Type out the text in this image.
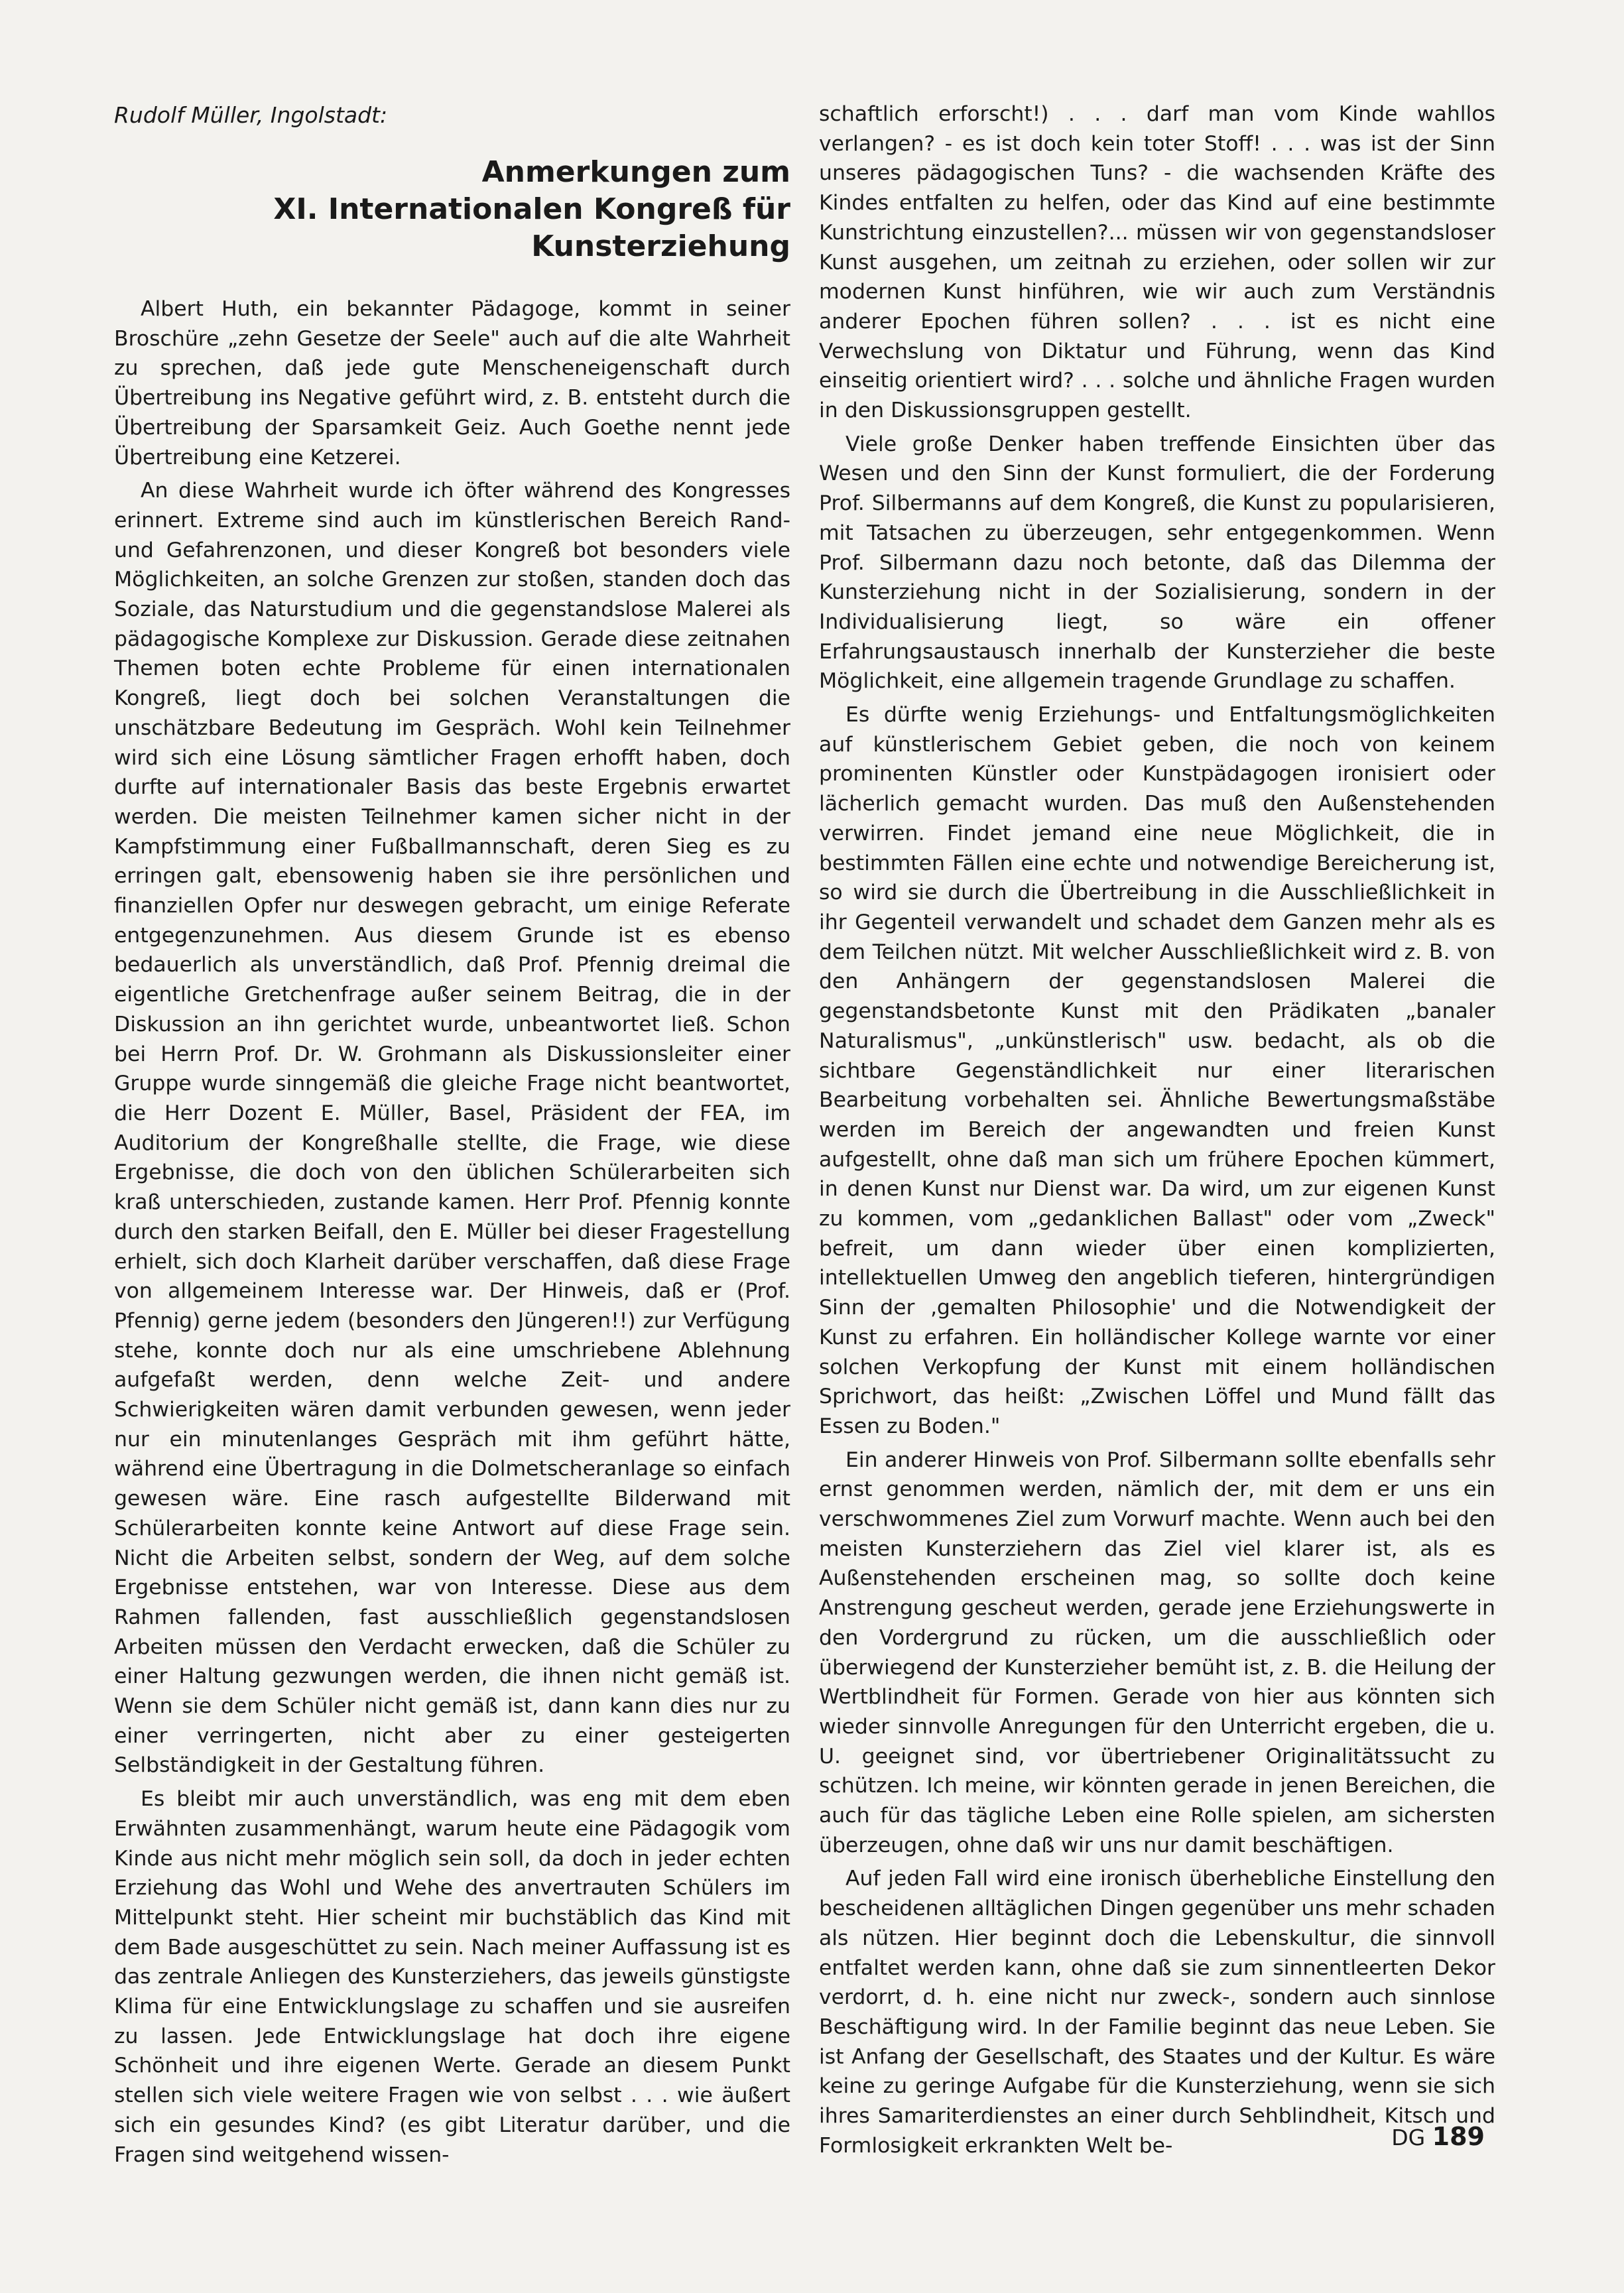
Rudolf Müller, Ingolstadt:

Anmerkungen zum
XI. Internationalen Kongreß für Kunsterziehung

Albert Huth, ein bekannter Pädagoge, kommt in seiner Broschüre „zehn Gesetze der Seele" auch auf die alte Wahrheit zu sprechen, daß jede gute Menscheneigenschaft durch Übertreibung ins Negative geführt wird, z. B. entsteht durch die Übertreibung der Sparsamkeit Geiz. Auch Goethe nennt jede Übertreibung eine Ketzerei.

An diese Wahrheit wurde ich öfter während des Kongresses erinnert. Extreme sind auch im künstlerischen Bereich Rand- und Gefahrenzonen, und dieser Kongreß bot besonders viele Möglichkeiten, an solche Grenzen zur stoßen, standen doch das Soziale, das Naturstudium und die gegenstandslose Malerei als pädagogische Komplexe zur Diskussion. Gerade diese zeitnahen Themen boten echte Probleme für einen internationalen Kongreß, liegt doch bei solchen Veranstaltungen die unschätzbare Bedeutung im Gespräch. Wohl kein Teilnehmer wird sich eine Lösung sämtlicher Fragen erhofft haben, doch durfte auf internationaler Basis das beste Ergebnis erwartet werden. Die meisten Teilnehmer kamen sicher nicht in der Kampfstimmung einer Fußballmannschaft, deren Sieg es zu erringen galt, ebensowenig haben sie ihre persönlichen und finanziellen Opfer nur deswegen gebracht, um einige Referate entgegenzunehmen. Aus diesem Grunde ist es ebenso bedauerlich als unverständlich, daß Prof. Pfennig dreimal die eigentliche Gretchenfrage außer seinem Beitrag, die in der Diskussion an ihn gerichtet wurde, unbeantwortet ließ. Schon bei Herrn Prof. Dr. W. Grohmann als Diskussionsleiter einer Gruppe wurde sinngemäß die gleiche Frage nicht beantwortet, die Herr Dozent E. Müller, Basel, Präsident der FEA, im Auditorium der Kongreßhalle stellte, die Frage, wie diese Ergebnisse, die doch von den üblichen Schülerarbeiten sich kraß unterschieden, zustande kamen. Herr Prof. Pfennig konnte durch den starken Beifall, den E. Müller bei dieser Fragestellung erhielt, sich doch Klarheit darüber verschaffen, daß diese Frage von allgemeinem Interesse war. Der Hinweis, daß er (Prof. Pfennig) gerne jedem (besonders den Jüngeren!!) zur Verfügung stehe, konnte doch nur als eine umschriebene Ablehnung aufgefaßt werden, denn welche Zeit- und andere Schwierigkeiten wären damit verbunden gewesen, wenn jeder nur ein minutenlanges Gespräch mit ihm geführt hätte, während eine Übertragung in die Dolmetscheranlage so einfach gewesen wäre. Eine rasch aufgestellte Bilderwand mit Schülerarbeiten konnte keine Antwort auf diese Frage sein. Nicht die Arbeiten selbst, sondern der Weg, auf dem solche Ergebnisse entstehen, war von Interesse. Diese aus dem Rahmen fallenden, fast ausschließlich gegenstandslosen Arbeiten müssen den Verdacht erwecken, daß die Schüler zu einer Haltung gezwungen werden, die ihnen nicht gemäß ist. Wenn sie dem Schüler nicht gemäß ist, dann kann dies nur zu einer verringerten, nicht aber zu einer gesteigerten Selbständigkeit in der Gestaltung führen.

Es bleibt mir auch unverständlich, was eng mit dem eben Erwähnten zusammenhängt, warum heute eine Pädagogik vom Kinde aus nicht mehr möglich sein soll, da doch in jeder echten Erziehung das Wohl und Wehe des anvertrauten Schülers im Mittelpunkt steht. Hier scheint mir buchstäblich das Kind mit dem Bade ausgeschüttet zu sein. Nach meiner Auffassung ist es das zentrale Anliegen des Kunsterziehers, das jeweils günstigste Klima für eine Entwicklungslage zu schaffen und sie ausreifen zu lassen. Jede Entwicklungslage hat doch ihre eigene Schönheit und ihre eigenen Werte. Gerade an diesem Punkt stellen sich viele weitere Fragen wie von selbst . . . wie äußert sich ein gesundes Kind? (es gibt Literatur darüber, und die Fragen sind weitgehend wissen-

schaftlich erforscht!) . . . darf man vom Kinde wahllos verlangen? - es ist doch kein toter Stoff! . . . was ist der Sinn unseres pädagogischen Tuns? - die wachsenden Kräfte des Kindes entfalten zu helfen, oder das Kind auf eine bestimmte Kunstrichtung einzustellen?... müssen wir von gegenstandsloser Kunst ausgehen, um zeitnah zu erziehen, oder sollen wir zur modernen Kunst hinführen, wie wir auch zum Verständnis anderer Epochen führen sollen? . . . ist es nicht eine Verwechslung von Diktatur und Führung, wenn das Kind einseitig orientiert wird? . . . solche und ähnliche Fragen wurden in den Diskussionsgruppen gestellt.

Viele große Denker haben treffende Einsichten über das Wesen und den Sinn der Kunst formuliert, die der Forderung Prof. Silbermanns auf dem Kongreß, die Kunst zu popularisieren, mit Tatsachen zu überzeugen, sehr entgegenkommen. Wenn Prof. Silbermann dazu noch betonte, daß das Dilemma der Kunsterziehung nicht in der Sozialisierung, sondern in der Individualisierung liegt, so wäre ein offener Erfahrungsaustausch innerhalb der Kunsterzieher die beste Möglichkeit, eine allgemein tragende Grundlage zu schaffen.

Es dürfte wenig Erziehungs- und Entfaltungsmöglichkeiten auf künstlerischem Gebiet geben, die noch von keinem prominenten Künstler oder Kunstpädagogen ironisiert oder lächerlich gemacht wurden. Das muß den Außenstehenden verwirren. Findet jemand eine neue Möglichkeit, die in bestimmten Fällen eine echte und notwendige Bereicherung ist, so wird sie durch die Übertreibung in die Ausschließlichkeit in ihr Gegenteil verwandelt und schadet dem Ganzen mehr als es dem Teilchen nützt. Mit welcher Ausschließlichkeit wird z. B. von den Anhängern der gegenstandslosen Malerei die gegenstandsbetonte Kunst mit den Prädikaten „banaler Naturalismus", „unkünstlerisch" usw. bedacht, als ob die sichtbare Gegenständlichkeit nur einer literarischen Bearbeitung vorbehalten sei. Ähnliche Bewertungsmaßstäbe werden im Bereich der angewandten und freien Kunst aufgestellt, ohne daß man sich um frühere Epochen kümmert, in denen Kunst nur Dienst war. Da wird, um zur eigenen Kunst zu kommen, vom „gedanklichen Ballast" oder vom „Zweck" befreit, um dann wieder über einen komplizierten, intellektuellen Umweg den angeblich tieferen, hintergründigen Sinn der ‚gemalten Philosophie' und die Notwendigkeit der Kunst zu erfahren. Ein holländischer Kollege warnte vor einer solchen Verkopfung der Kunst mit einem holländischen Sprichwort, das heißt: „Zwischen Löffel und Mund fällt das Essen zu Boden."

Ein anderer Hinweis von Prof. Silbermann sollte ebenfalls sehr ernst genommen werden, nämlich der, mit dem er uns ein verschwommenes Ziel zum Vorwurf machte. Wenn auch bei den meisten Kunsterziehern das Ziel viel klarer ist, als es Außenstehenden erscheinen mag, so sollte doch keine Anstrengung gescheut werden, gerade jene Erziehungswerte in den Vordergrund zu rücken, um die ausschließlich oder überwiegend der Kunsterzieher bemüht ist, z. B. die Heilung der Wertblindheit für Formen. Gerade von hier aus könnten sich wieder sinnvolle Anregungen für den Unterricht ergeben, die u. U. geeignet sind, vor übertriebener Originalitätssucht zu schützen. Ich meine, wir könnten gerade in jenen Bereichen, die auch für das tägliche Leben eine Rolle spielen, am sichersten überzeugen, ohne daß wir uns nur damit beschäftigen.

Auf jeden Fall wird eine ironisch überhebliche Einstellung den bescheidenen alltäglichen Dingen gegenüber uns mehr schaden als nützen. Hier beginnt doch die Lebenskultur, die sinnvoll entfaltet werden kann, ohne daß sie zum sinnentleerten Dekor verdorrt, d. h. eine nicht nur zweck-, sondern auch sinnlose Beschäftigung wird. In der Familie beginnt das neue Leben. Sie ist Anfang der Gesellschaft, des Staates und der Kultur. Es wäre keine zu geringe Aufgabe für die Kunsterziehung, wenn sie sich ihres Samariterdienstes an einer durch Sehblindheit, Kitsch und Formlosigkeit erkrankten Welt be-	DG 189
